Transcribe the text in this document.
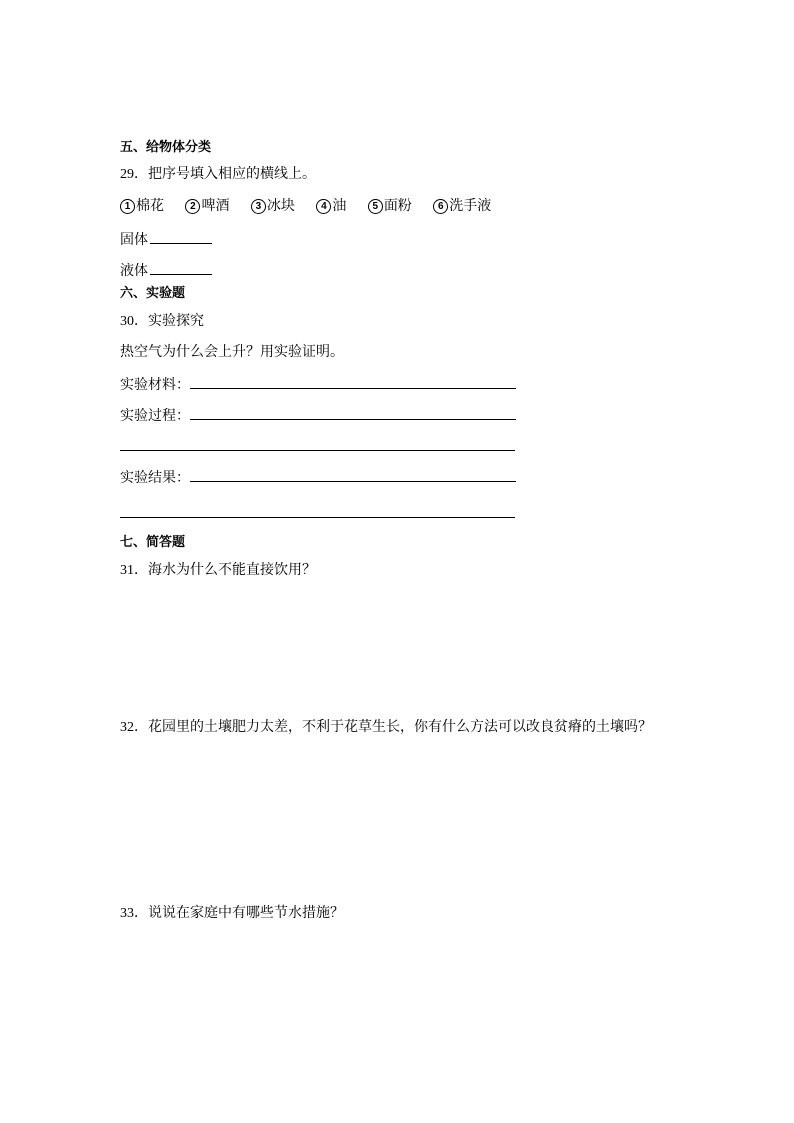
五、给物体分类
29．把序号填入相应的横线上。
1 棉花	2 啤酒	3 冰块	4 油	5 面粉	6 洗手液
固体
液体
六、实验题
30．实验探究
热空气为什么会上升？用实验证明。
实验材料：
实验过程：
实验结果：
七、简答题
31．海水为什么不能直接饮用？
32．花园里的土壤肥力太差，不利于花草生长，你有什么方法可以改良贫瘠的土壤吗？
33．说说在家庭中有哪些节水措施？
